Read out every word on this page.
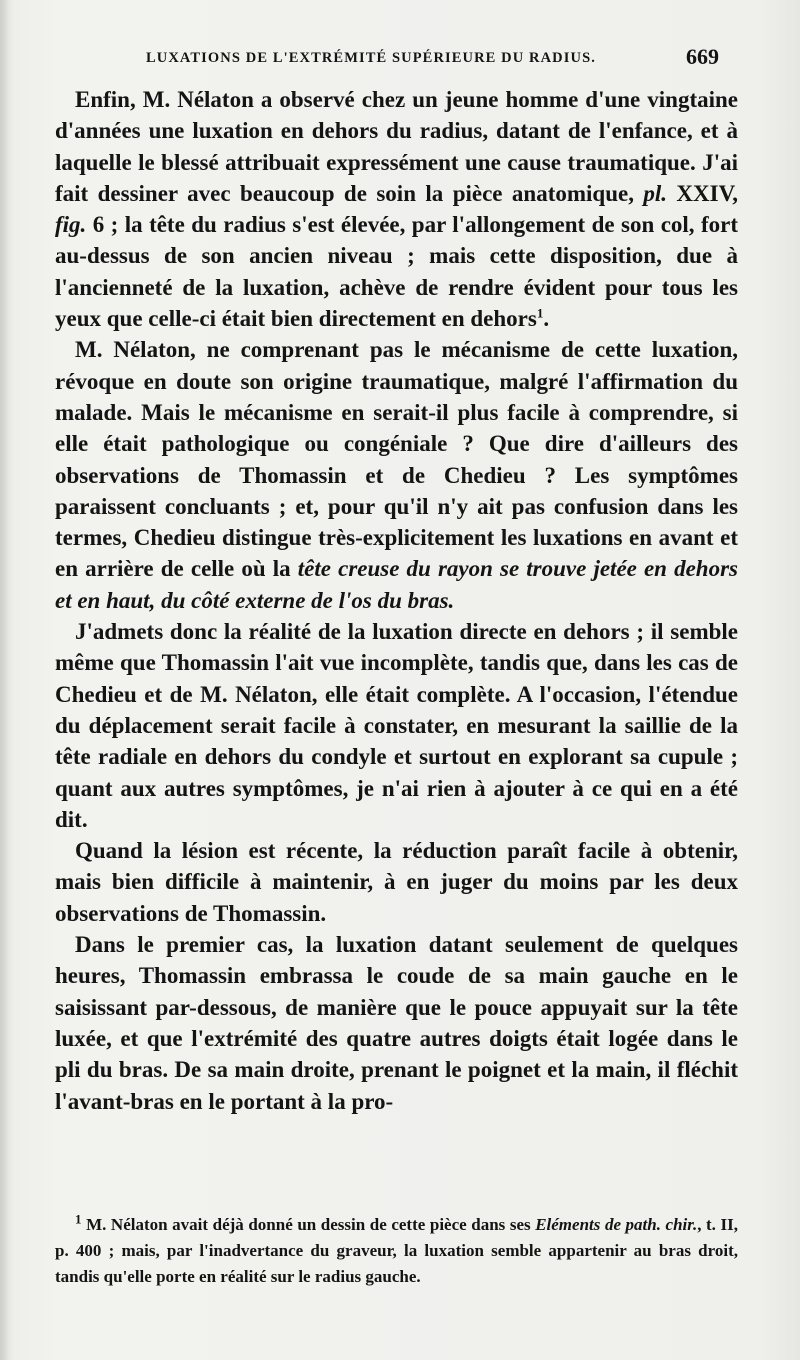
LUXATIONS DE L'EXTRÉMITÉ SUPÉRIEURE DU RADIUS.	669

Enfin, M. Nélaton a observé chez un jeune homme d'une vingtaine d'années une luxation en dehors du radius, datant de l'enfance, et à laquelle le blessé attribuait expressément une cause traumatique. J'ai fait dessiner avec beaucoup de soin la pièce anatomique, pl. XXIV, fig. 6 ; la tête du radius s'est élevée, par l'allongement de son col, fort au-dessus de son ancien niveau ; mais cette disposition, due à l'ancienneté de la luxation, achève de rendre évident pour tous les yeux que celle-ci était bien directement en dehors$^1$.

M. Nélaton, ne comprenant pas le mécanisme de cette luxation, révoque en doute son origine traumatique, malgré l'affirmation du malade. Mais le mécanisme en serait-il plus facile à comprendre, si elle était pathologique ou congéniale ? Que dire d'ailleurs des observations de Thomassin et de Chedieu ? Les symptômes paraissent concluants ; et, pour qu'il n'y ait pas confusion dans les termes, Chedieu distingue très-explicitement les luxations en avant et en arrière de celle où la tête creuse du rayon se trouve jetée en dehors et en haut, du côté externe de l'os du bras.

J'admets donc la réalité de la luxation directe en dehors ; il semble même que Thomassin l'ait vue incomplète, tandis que, dans les cas de Chedieu et de M. Nélaton, elle était complète. A l'occasion, l'étendue du déplacement serait facile à constater, en mesurant la saillie de la tête radiale en dehors du condyle et surtout en explorant sa cupule ; quant aux autres symptômes, je n'ai rien à ajouter à ce qui en a été dit.

Quand la lésion est récente, la réduction paraît facile à obtenir, mais bien difficile à maintenir, à en juger du moins par les deux observations de Thomassin.

Dans le premier cas, la luxation datant seulement de quelques heures, Thomassin embrassa le coude de sa main gauche en le saisissant par-dessous, de manière que le pouce appuyait sur la tête luxée, et que l'extrémité des quatre autres doigts était logée dans le pli du bras. De sa main droite, prenant le poignet et la main, il fléchit l'avant-bras en le portant à la pro-

$^1$ M. Nélaton avait déjà donné un dessin de cette pièce dans ses Eléments de path. chir., t. II, p. 400 ; mais, par l'inadvertance du graveur, la luxation semble appartenir au bras droit, tandis qu'elle porte en réalité sur le radius gauche.
